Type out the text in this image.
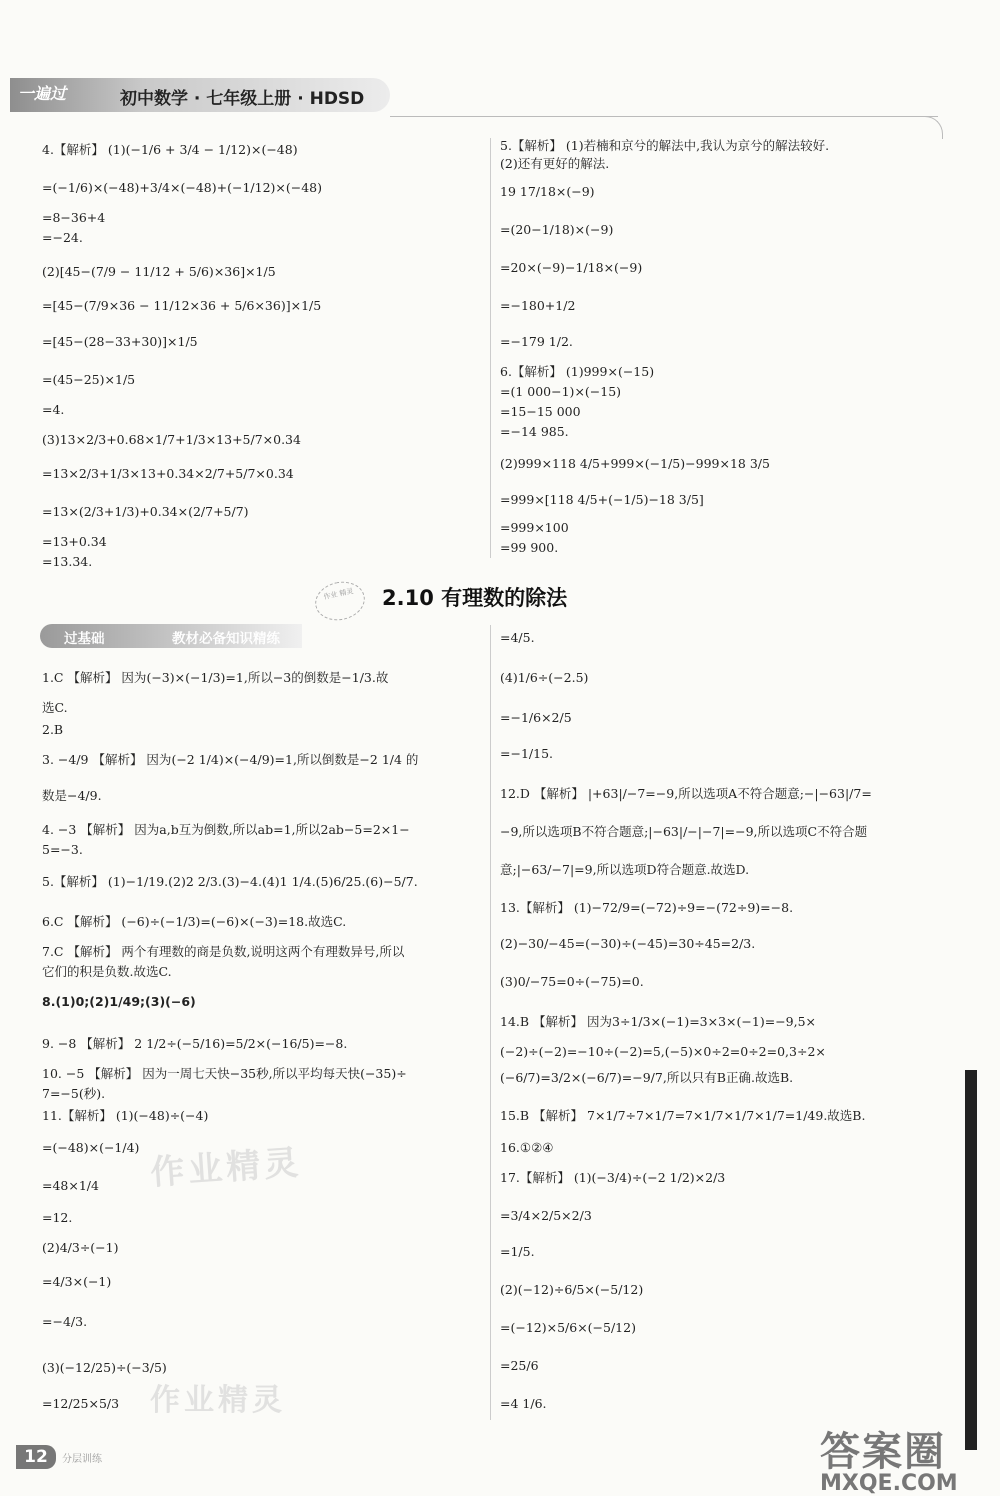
一遍过	初中数学 · 七年级上册 · HDSD
4.【解析】 (1)(−1/6 + 3/4 − 1/12)×(−48)
=(−1/6)×(−48)+3/4×(−48)+(−1/12)×(−48)
=8−36+4
=−24.
(2)[45−(7/9 − 11/12 + 5/6)×36]×1/5
=[45−(7/9×36 − 11/12×36 + 5/6×36)]×1/5
=[45−(28−33+30)]×1/5
=(45−25)×1/5
=4.
(3)13×2/3+0.68×1/7+1/3×13+5/7×0.34
=13×2/3+1/3×13+0.34×2/7+5/7×0.34
=13×(2/3+1/3)+0.34×(2/7+5/7)
=13+0.34
=13.34.
5.【解析】 (1)若楠和京兮的解法中,我认为京兮的解法较好.
(2)还有更好的解法.
19 17/18×(−9)
=(20−1/18)×(−9)
=20×(−9)−1/18×(−9)
=−180+1/2
=−179 1/2.
6.【解析】 (1)999×(−15)
=(1 000−1)×(−15)
=15−15 000
=−14 985.
(2)999×118 4/5+999×(−1/5)−999×18 3/5
=999×[118 4/5+(−1/5)−18 3/5]
=999×100
=99 900.
作业 精灵	2.10 有理数的除法
过基础	教材必备知识精练
1.C 【解析】 因为(−3)×(−1/3)=1,所以−3的倒数是−1/3.故
选C.
2.B
3. −4/9 【解析】 因为(−2 1/4)×(−4/9)=1,所以倒数是−2 1/4 的
数是−4/9.
4. −3 【解析】 因为a,b互为倒数,所以ab=1,所以2ab−5=2×1−
5=−3.
5.【解析】 (1)−1/19.(2)2 2/3.(3)−4.(4)1 1/4.(5)6/25.(6)−5/7.
6.C 【解析】 (−6)÷(−1/3)=(−6)×(−3)=18.故选C.
7.C 【解析】 两个有理数的商是负数,说明这两个有理数异号,所以
它们的积是负数.故选C.
8.(1)0;(2)1/49;(3)(−6)
9. −8 【解析】 2 1/2÷(−5/16)=5/2×(−16/5)=−8.
10. −5 【解析】 因为一周七天快−35秒,所以平均每天快(−35)÷
7=−5(秒).
11.【解析】 (1)(−48)÷(−4)
=(−48)×(−1/4)
=48×1/4
=12.
(2)4/3÷(−1)
=4/3×(−1)
=−4/3.
(3)(−12/25)÷(−3/5)
=12/25×5/3
作业精灵
作业精灵
=4/5.
(4)1/6÷(−2.5)
=−1/6×2/5
=−1/15.
12.D 【解析】 |+63|/−7=−9,所以选项A不符合题意;−|−63|/7=
−9,所以选项B不符合题意;|−63|/−|−7|=−9,所以选项C不符合题
意;|−63/−7|=9,所以选项D符合题意.故选D.
13.【解析】 (1)−72/9=(−72)÷9=−(72÷9)=−8.
(2)−30/−45=(−30)÷(−45)=30÷45=2/3.
(3)0/−75=0÷(−75)=0.
14.B 【解析】 因为3÷1/3×(−1)=3×3×(−1)=−9,5×
(−2)÷(−2)=−10÷(−2)=5,(−5)×0÷2=0÷2=0,3÷2×
(−6/7)=3/2×(−6/7)=−9/7,所以只有B正确.故选B.
15.B 【解析】 7×1/7÷7×1/7=7×1/7×1/7×1/7=1/49.故选B.
16.①②④
17.【解析】 (1)(−3/4)÷(−2 1/2)×2/3
=3/4×2/5×2/3
=1/5.
(2)(−12)÷6/5×(−5/12)
=(−12)×5/6×(−5/12)
=25/6
=4 1/6.
12	分层训练	答案圈
MXQE.COM
